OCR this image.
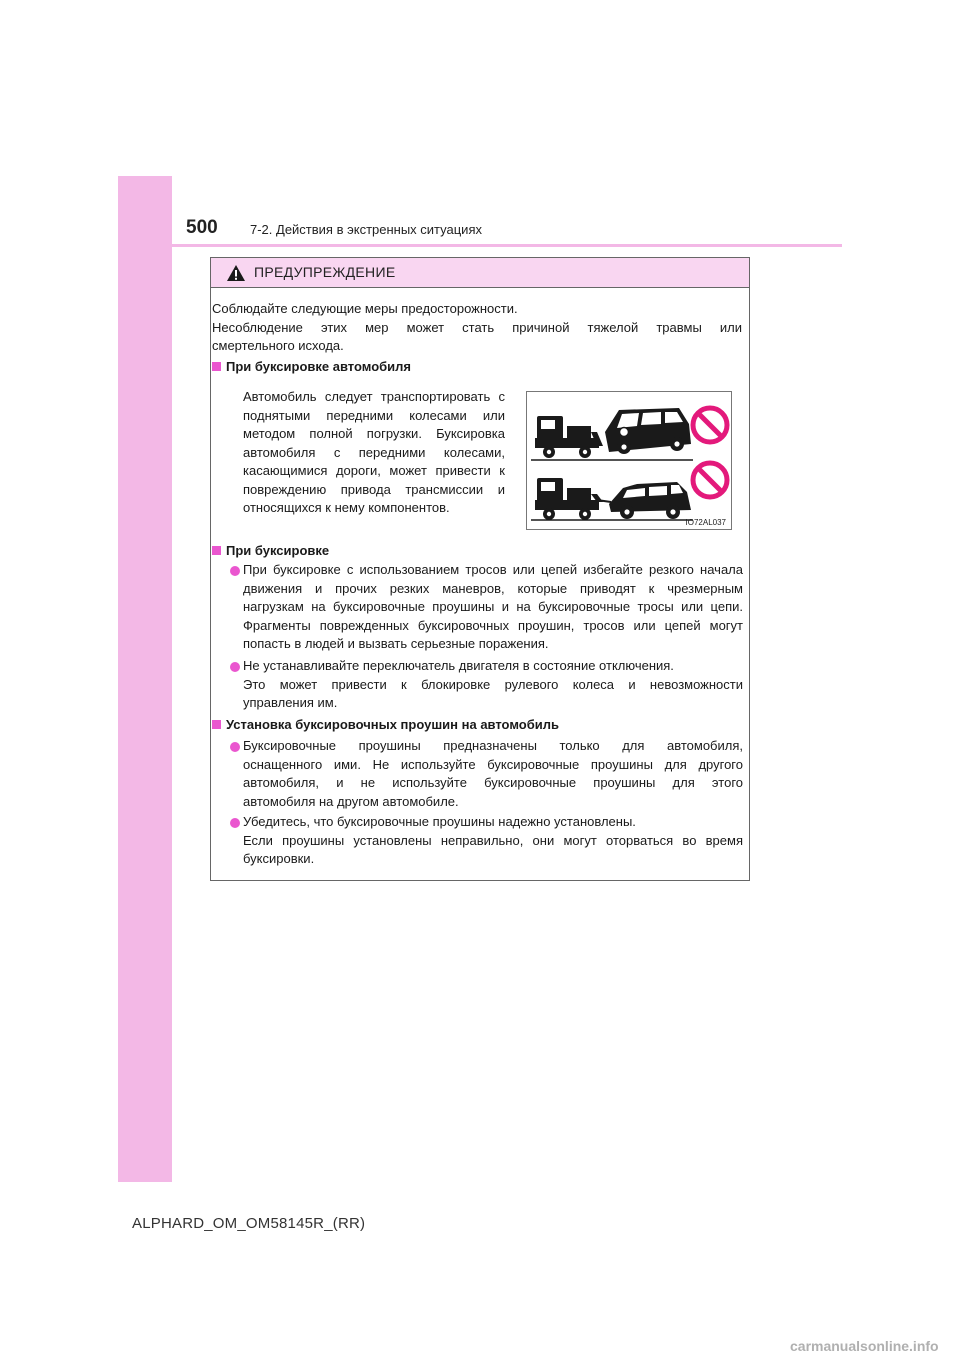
500 7-2. Действия в экстренных ситуациях
ПРЕДУПРЕЖДЕНИЕ
Соблюдайте следующие меры предосторожности.
Несоблюдение этих мер может стать причиной тяжелой травмы или
смертельного исхода.
При буксировке автомобиля
Автомобиль следует транспортировать с
поднятыми передними колесами или
методом полной погрузки. Буксировка
автомобиля с передними колесами,
касающимися дороги, может привести к
повреждению привода трансмиссии и
относящихся к нему компонентов.
IO72AL037
При буксировке
При буксировке с использованием тросов или цепей избегайте резкого начала
движения и прочих резких маневров, которые приводят к чрезмерным
нагрузкам на буксировочные проушины и на буксировочные тросы или цепи.
Фрагменты поврежденных буксировочных проушин, тросов или цепей могут
попасть в людей и вызвать серьезные поражения.
Не устанавливайте переключатель двигателя в состояние отключения.
Это может привести к блокировке рулевого колеса и невозможности
управления им.
Установка буксировочных проушин на автомобиль
Буксировочные проушины предназначены только для автомобиля,
оснащенного ими. Не используйте буксировочные проушины для другого
автомобиля, и не используйте буксировочные проушины для этого
автомобиля на другом автомобиле.
Убедитесь, что буксировочные проушины надежно установлены.
Если проушины установлены неправильно, они могут оторваться во время
буксировки.
ALPHARD_OM_OM58145R_(RR)
carmanualsonline.info
